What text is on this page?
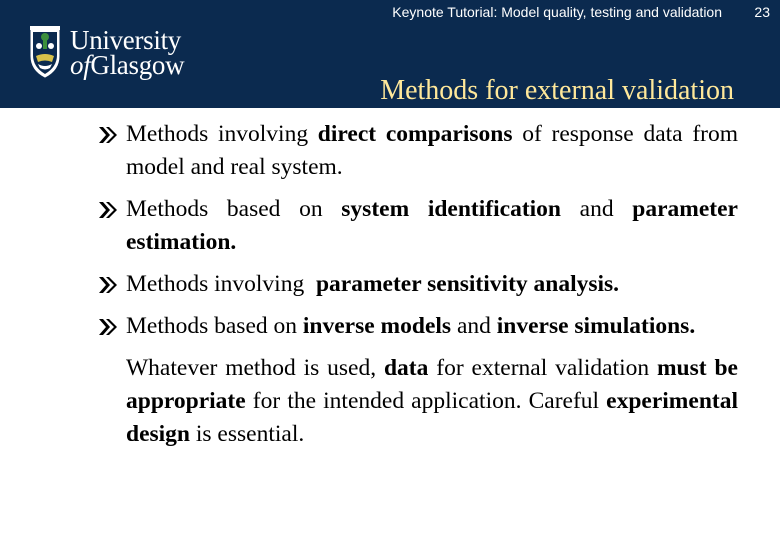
Keynote Tutorial: Model quality, testing and validation 23
University
ofGlasgow
Methods for external validation
Methods involving direct comparisons of response data from model and real system.
Methods based on system identification and parameter estimation.
Methods involving  parameter sensitivity analysis.
Methods based on inverse models and inverse simulations.
Whatever method is used, data for external validation must be appropriate for the intended application. Careful experimental design is essential.
